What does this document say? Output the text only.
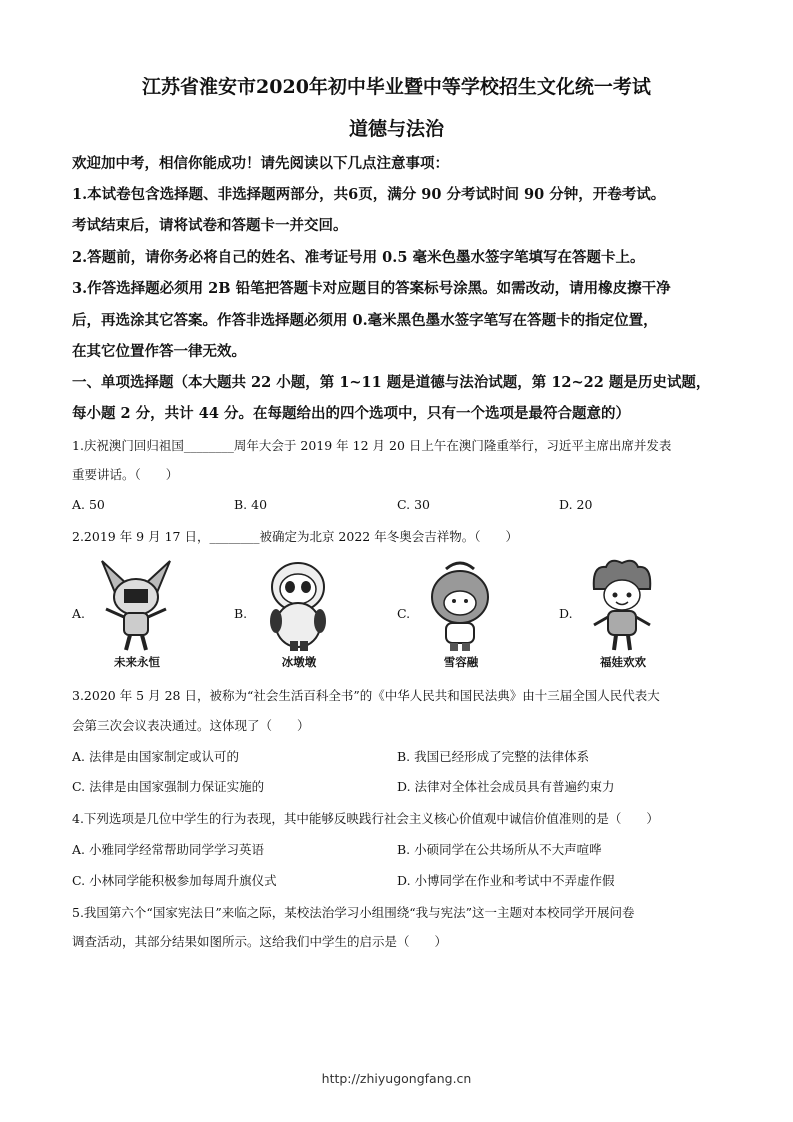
江苏省淮安市2020年初中毕业暨中等学校招生文化统一考试
道德与法治
欢迎加中考，相信你能成功！请先阅读以下几点注意事项：
1.本试卷包含选择题、非选择题两部分，共6页，满分 90 分考试时间 90 分钟，开卷考试。
考试结束后，请将试卷和答题卡一并交回。
2.答题前，请你务必将自己的姓名、准考证号用 0.5 毫米色墨水签字笔填写在答题卡上。
3.作答选择题必须用 2B 铅笔把答题卡对应题目的答案标号涂黑。如需改动，请用橡皮擦干净
后，再选涂其它答案。作答非选择题必须用 0.毫米黑色墨水签字笔写在答题卡的指定位置，
在其它位置作答一律无效。
一、单项选择题（本大题共 22 小题，第 1~11 题是道德与法治试题，第 12~22 题是历史试题，
每小题 2 分，共计 44 分。在每题给出的四个选项中，只有一个选项是最符合题意的）
1.庆祝澳门回归祖国________周年大会于 2019 年 12 月 20 日上午在澳门隆重举行，习近平主席出席并发表
重要讲话。（　　）
A. 50	B. 40	C. 30	D. 20
2.2019 年 9 月 17 日，________被确定为北京 2022 年冬奥会吉祥物。（　　）
A.	B.	C.	D.
未来永恒	冰墩墩	雪容融	福娃欢欢
3.2020 年 5 月 28 日，被称为“社会生活百科全书”的《中华人民共和国民法典》由十三届全国人民代表大
会第三次会议表决通过。这体现了（　　）
A. 法律是由国家制定或认可的	B. 我国已经形成了完整的法律体系
C. 法律是由国家强制力保证实施的	D. 法律对全体社会成员具有普遍约束力
4.下列选项是几位中学生的行为表现，其中能够反映践行社会主义核心价值观中诚信价值准则的是（　　）
A. 小雅同学经常帮助同学学习英语	B. 小硕同学在公共场所从不大声喧哗
C. 小林同学能积极参加每周升旗仪式	D. 小博同学在作业和考试中不弄虚作假
5.我国第六个“国家宪法日”来临之际，某校法治学习小组围绕“我与宪法”这一主题对本校同学开展问卷
调查活动，其部分结果如图所示。这给我们中学生的启示是（　　）
http://zhiyugongfang.cn
